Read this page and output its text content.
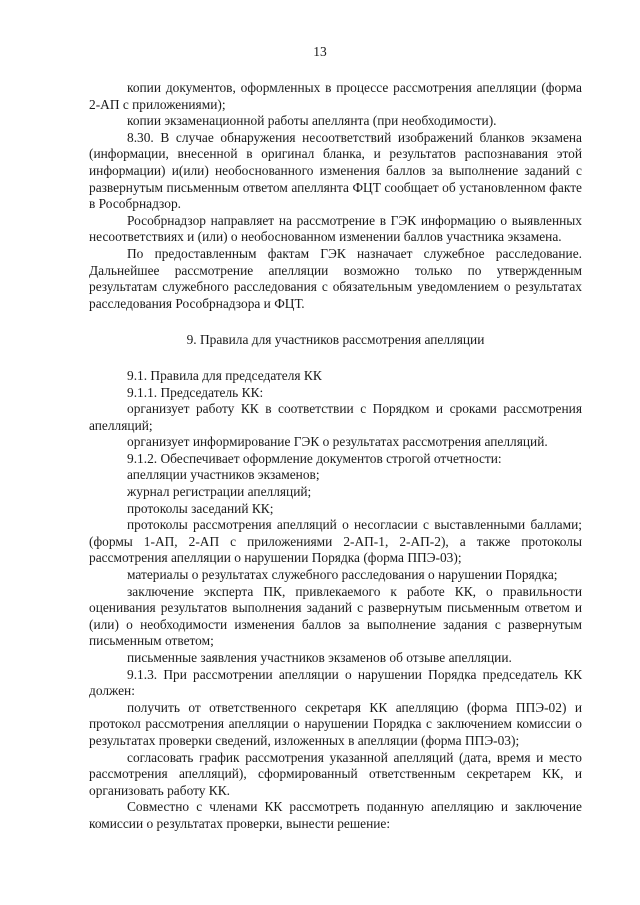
13

копии документов, оформленных в процессе рассмотрения апелляции (форма 2-АП с приложениями);

копии экзаменационной работы апеллянта (при необходимости).

8.30. В случае обнаружения несоответствий изображений бланков экзамена (информации, внесенной в оригинал бланка, и результатов распознавания этой информации) и(или) необоснованного изменения баллов за выполнение заданий с развернутым письменным ответом апеллянта ФЦТ сообщает об установленном факте в Рособрнадзор.

Рособрнадзор направляет на рассмотрение в ГЭК информацию о выявленных несоответствиях и (или) о необоснованном изменении баллов участника экзамена.

По предоставленным фактам ГЭК назначает служебное расследование. Дальнейшее рассмотрение апелляции возможно только по утвержденным результатам служебного расследования с обязательным уведомлением о результатах расследования Рособрнадзора и ФЦТ.

9. Правила для участников рассмотрения апелляции

9.1. Правила для председателя КК

9.1.1. Председатель КК:

организует работу КК в соответствии с Порядком и сроками рассмотрения апелляций;

организует информирование ГЭК о результатах рассмотрения апелляций.

9.1.2. Обеспечивает оформление документов строгой отчетности:

апелляции участников экзаменов;

журнал регистрации апелляций;

протоколы заседаний КК;

протоколы рассмотрения апелляций о несогласии с выставленными баллами; (формы 1-АП, 2-АП с приложениями 2-АП-1, 2-АП-2), а также протоколы рассмотрения апелляции о нарушении Порядка (форма ППЭ-03);

материалы о результатах служебного расследования о нарушении Порядка;

заключение эксперта ПК, привлекаемого к работе КК, о правильности оценивания результатов выполнения заданий с развернутым письменным ответом и (или) о необходимости изменения баллов за выполнение задания с развернутым письменным ответом;

письменные заявления участников экзаменов об отзыве апелляции.

9.1.3. При рассмотрении апелляции о нарушении Порядка председатель КК должен:

получить от ответственного секретаря КК апелляцию (форма ППЭ-02) и протокол рассмотрения апелляции о нарушении Порядка с заключением комиссии о результатах проверки сведений, изложенных в апелляции (форма ППЭ-03);

согласовать график рассмотрения указанной апелляций (дата, время и место рассмотрения апелляций), сформированный ответственным секретарем КК, и организовать работу КК.

Совместно с членами КК рассмотреть поданную апелляцию и заключение комиссии о результатах проверки, вынести решение:
